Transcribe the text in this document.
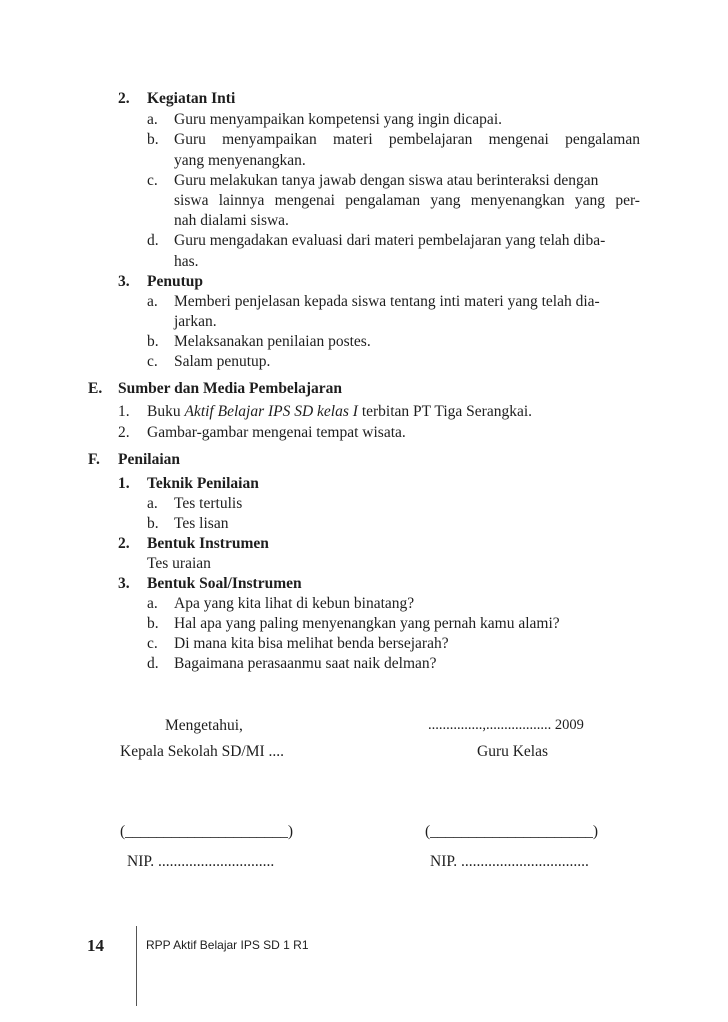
2. Kegiatan Inti
a. Guru menyampaikan kompetensi yang ingin dicapai.
b. Guru menyampaikan materi pembelajaran mengenai pengalaman
yang menyenangkan.
c. Guru melakukan tanya jawab dengan siswa atau berinteraksi dengan
siswa lainnya mengenai pengalaman yang menyenangkan yang per-
nah dialami siswa.
d. Guru mengadakan evaluasi dari materi pembelajaran yang telah diba-
has.
3. Penutup
a. Memberi penjelasan kepada siswa tentang inti materi yang telah dia-
jarkan.
b. Melaksanakan penilaian postes.
c. Salam penutup.
E. Sumber dan Media Pembelajaran
1. Buku Aktif Belajar IPS SD kelas I terbitan PT Tiga Serangkai.
2. Gambar-gambar mengenai tempat wisata.
F. Penilaian
1. Teknik Penilaian
a. Tes tertulis
b. Tes lisan
2. Bentuk Instrumen
Tes uraian
3. Bentuk Soal/Instrumen
a. Apa yang kita lihat di kebun binatang?
b. Hal apa yang paling menyenangkan yang pernah kamu alami?
c. Di mana kita bisa melihat benda bersejarah?
d. Bagaimana perasaanmu saat naik delman?
Mengetahui,	...............,.................. 2009
Kepala Sekolah SD/MI ....	Guru Kelas
(_____________________)	(_____________________)
NIP. ..............................	NIP. .................................
14	RPP Aktif Belajar IPS SD 1 R1
